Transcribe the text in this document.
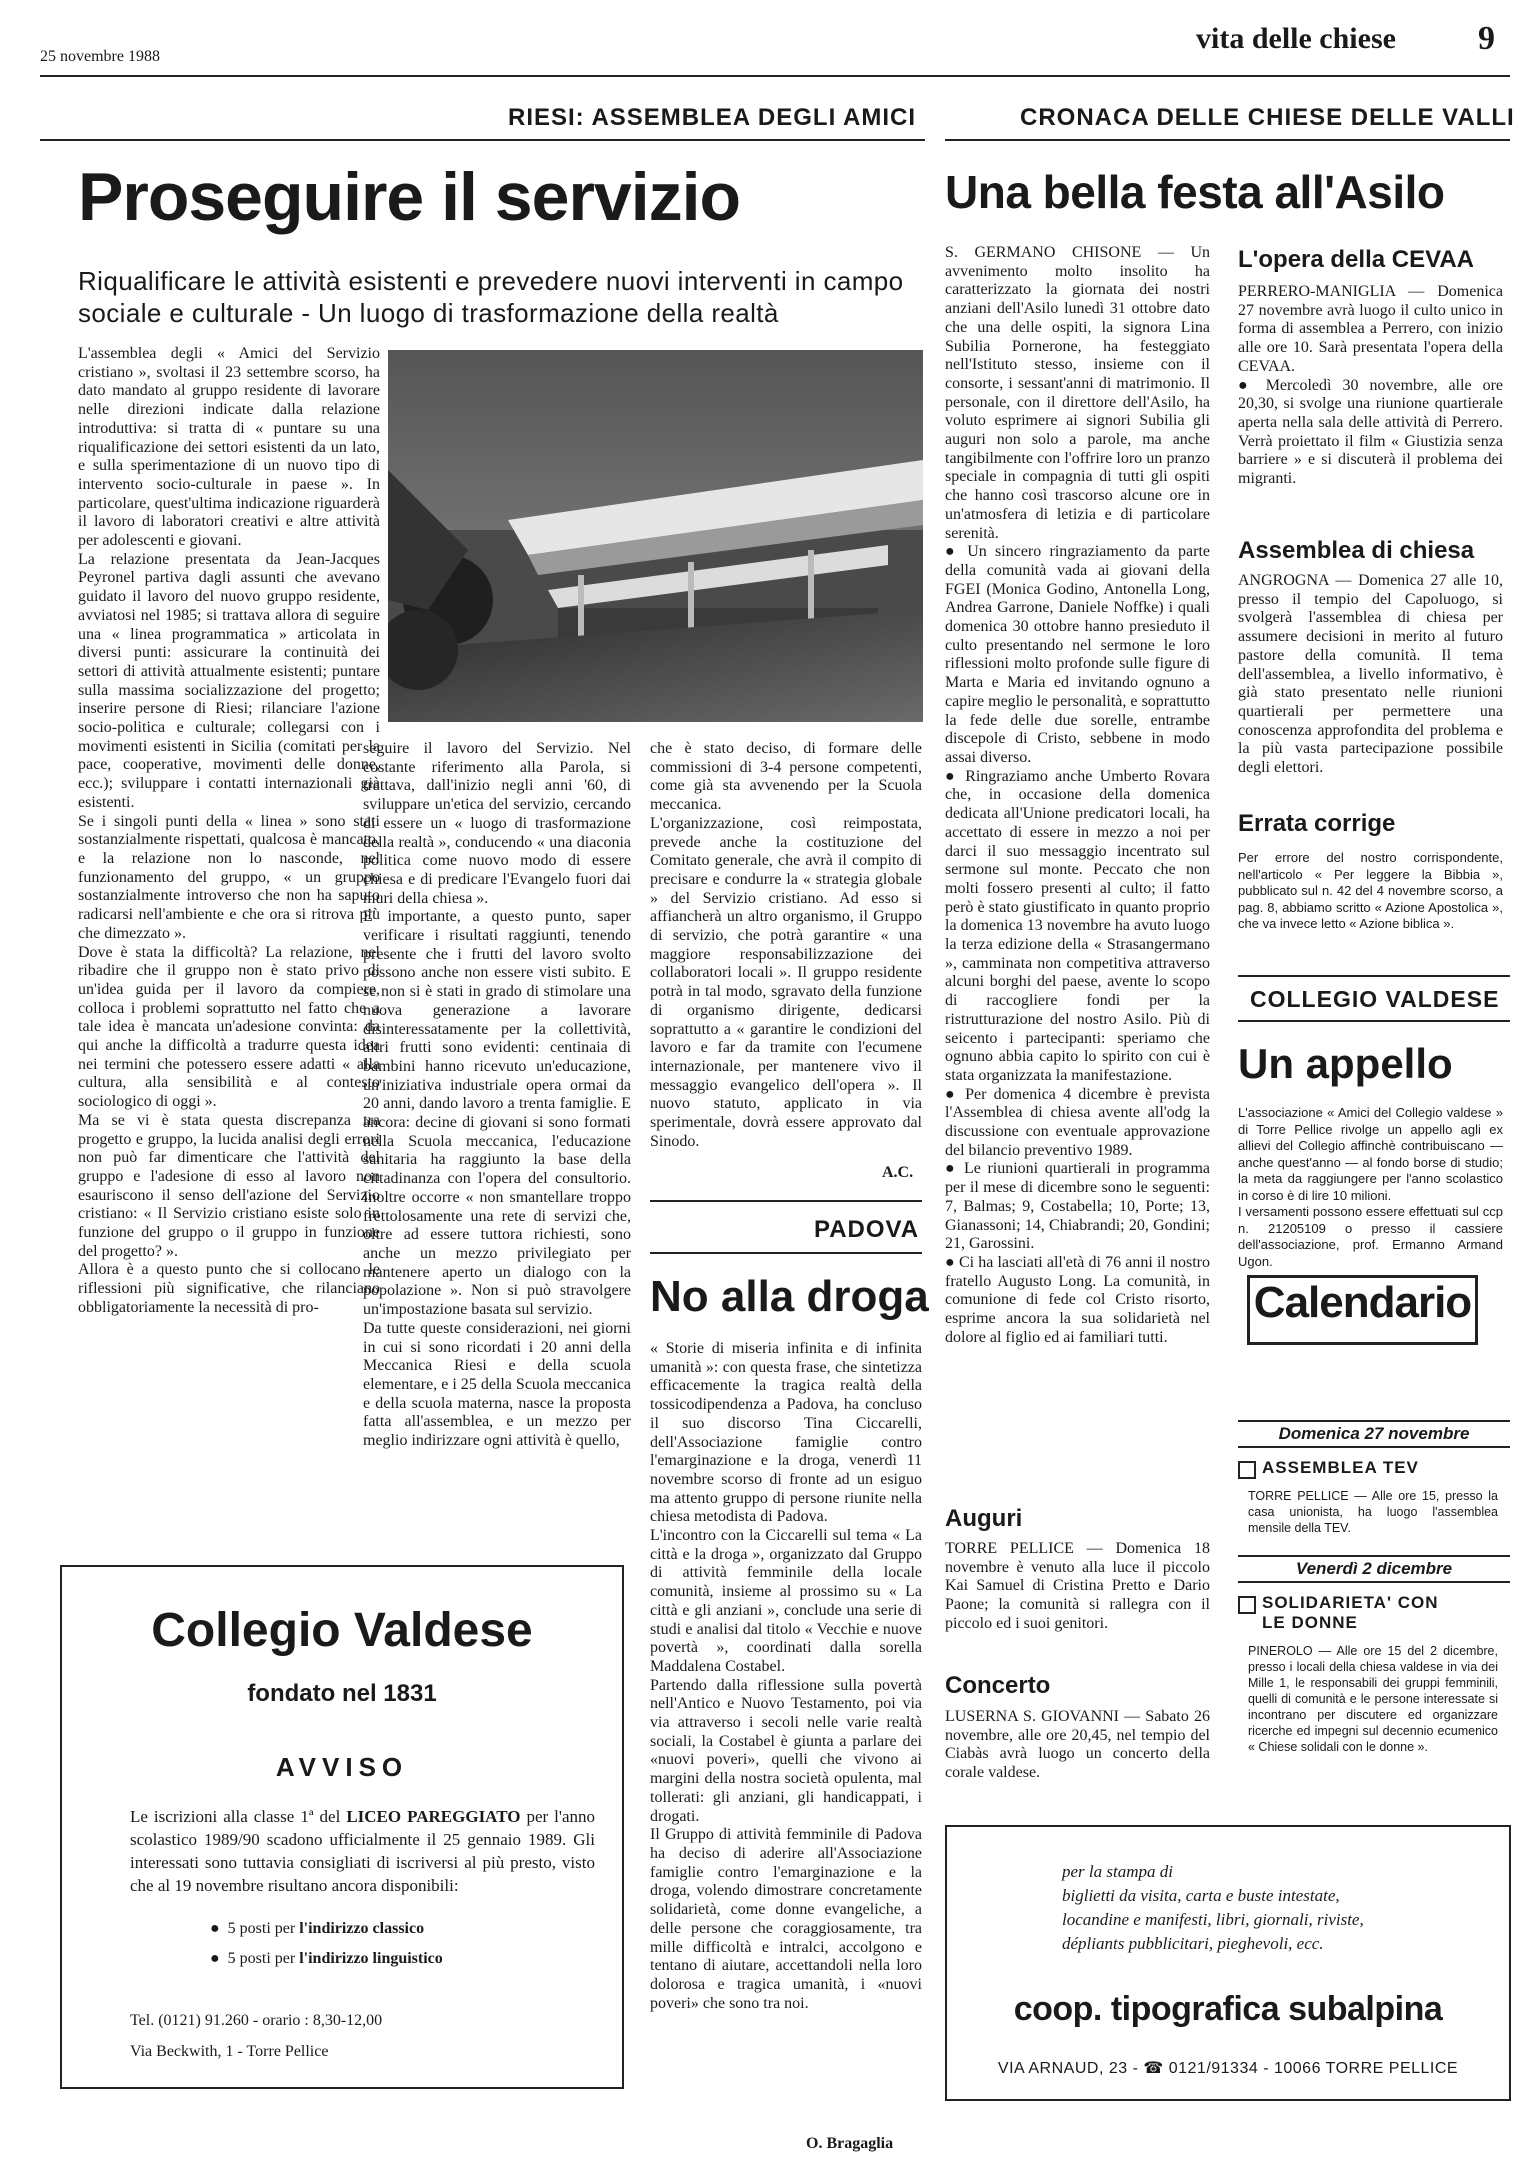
25 novembre 1988
vita delle chiese 9
RIESI: ASSEMBLEA DEGLI AMICI
Proseguire il servizio
Riqualificare le attività esistenti e prevedere nuovi interventi in campo sociale e culturale - Un luogo di trasformazione della realtà
L'assemblea degli « Amici del Servizio cristiano », svoltasi il 23 settembre scorso, ha dato mandato al gruppo residente di lavorare nelle direzioni indicate dalla relazione introduttiva: si tratta di « puntare su una riqualificazione dei settori esistenti da un lato, e sulla sperimentazione di un nuovo tipo di intervento socio-culturale in paese ». In particolare, quest'ultima indicazione riguarderà il lavoro di laboratori creativi e altre attività per adolescenti e giovani.
La relazione presentata da Jean-Jacques Peyronel partiva dagli assunti che avevano guidato il lavoro del nuovo gruppo residente, avviatosi nel 1985; si trattava allora di seguire una « linea programmatica » articolata in diversi punti: assicurare la continuità dei settori di attività attualmente esistenti; puntare sulla massima socializzazione del progetto; inserire persone di Riesi; rilanciare l'azione socio-politica e culturale; collegarsi con i movimenti esistenti in Sicilia (comitati per la pace, cooperative, movimenti delle donne, ecc.); sviluppare i contatti internazionali già esistenti.
Se i singoli punti della « linea » sono stati sostanzialmente rispettati, qualcosa è mancato, e la relazione non lo nasconde, nel funzionamento del gruppo, « un gruppo sostanzialmente introverso che non ha saputo radicarsi nell'ambiente e che ora si ritrova più che dimezzato ».
Dove è stata la difficoltà? La relazione, nel ribadire che il gruppo non è stato privo di un'idea guida per il lavoro da compiere, colloca i problemi soprattutto nel fatto che a tale idea è mancata un'adesione convinta: da qui anche la difficoltà a tradurre questa idea nei termini che potessero essere adatti « alla cultura, alla sensibilità e al contesto sociologico di oggi ».
Ma se vi è stata questa discrepanza tra progetto e gruppo, la lucida analisi degli errori non può far dimenticare che l'attività del gruppo e l'adesione di esso al lavoro non esauriscono il senso dell'azione del Servizio cristiano: « Il Servizio cristiano esiste solo in funzione del gruppo o il gruppo in funzione del progetto? ».
Allora è a questo punto che si collocano le riflessioni più significative, che rilanciano obbligatoriamente la necessità di pro-
seguire il lavoro del Servizio. Nel costante riferimento alla Parola, si trattava, dall'inizio negli anni '60, di sviluppare un'etica del servizio, cercando di essere un « luogo di trasformazione della realtà », conducendo « una diaconia politica come nuovo modo di essere chiesa e di predicare l'Evangelo fuori dai muri della chiesa ».
E' importante, a questo punto, saper verificare i risultati raggiunti, tenendo presente che i frutti del lavoro svolto possono anche non essere visti subito. E se non si è stati in grado di stimolare una nuova generazione a lavorare disinteressatamente per la collettività, altri frutti sono evidenti: centinaia di bambini hanno ricevuto un'educazione, un'iniziativa industriale opera ormai da 20 anni, dando lavoro a trenta famiglie. E ancora: decine di giovani si sono formati nella Scuola meccanica, l'educazione sanitaria ha raggiunto la base della cittadinanza con l'opera del consultorio. Inoltre occorre « non smantellare troppo frettolosamente una rete di servizi che, oltre ad essere tuttora richiesti, sono anche un mezzo privilegiato per mantenere aperto un dialogo con la popolazione ». Non si può stravolgere un'impostazione basata sul servizio.
Da tutte queste considerazioni, nei giorni in cui si sono ricordati i 20 anni della Meccanica Riesi e della scuola elementare, e i 25 della Scuola meccanica e della scuola materna, nasce la proposta fatta all'assemblea, e un mezzo per meglio indirizzare ogni attività è quello,
che è stato deciso, di formare delle commissioni di 3-4 persone competenti, come già sta avvenendo per la Scuola meccanica.
L'organizzazione, così reimpostata, prevede anche la costituzione del Comitato generale, che avrà il compito di precisare e condurre la « strategia globale » del Servizio cristiano. Ad esso si affiancherà un altro organismo, il Gruppo di servizio, che potrà garantire « una maggiore responsabilizzazione dei collaboratori locali ». Il gruppo residente potrà in tal modo, sgravato della funzione di organismo dirigente, dedicarsi soprattutto a « garantire le condizioni del lavoro e far da tramite con l'ecumene internazionale, per mantenere vivo il messaggio evangelico dell'opera ». Il nuovo statuto, applicato in via sperimentale, dovrà essere approvato dal Sinodo.
A.C.
PADOVA
No alla droga
« Storie di miseria infinita e di infinita umanità »: con questa frase, che sintetizza efficacemente la tragica realtà della tossicodipendenza a Padova, ha concluso il suo discorso Tina Ciccarelli, dell'Associazione famiglie contro l'emarginazione e la droga, venerdì 11 novembre scorso di fronte ad un esiguo ma attento gruppo di persone riunite nella chiesa metodista di Padova.
L'incontro con la Ciccarelli sul tema « La città e la droga », organizzato dal Gruppo di attività femminile della locale comunità, insieme al prossimo su « La città e gli anziani », conclude una serie di studi e analisi dal titolo « Vecchie e nuove povertà », coordinati dalla sorella Maddalena Costabel.
Partendo dalla riflessione sulla povertà nell'Antico e Nuovo Testamento, poi via via attraverso i secoli nelle varie realtà sociali, la Costabel è giunta a parlare dei «nuovi poveri», quelli che vivono ai margini della nostra società opulenta, mal tollerati: gli anziani, gli handicappati, i drogati.
Il Gruppo di attività femminile di Padova ha deciso di aderire all'Associazione famiglie contro l'emarginazione e la droga, volendo dimostrare concretamente solidarietà, come donne evangeliche, a delle persone che coraggiosamente, tra mille difficoltà e intralci, accolgono e tentano di aiutare, accettandoli nella loro dolorosa e tragica umanità, i «nuovi poveri» che sono tra noi.
O. Bragaglia
Collegio Valdese
fondato nel 1831
AVVISO
Le iscrizioni alla classe 1ª del LICEO PAREGGIATO per l'anno scolastico 1989/90 scadono ufficialmente il 25 gennaio 1989. Gli interessati sono tuttavia consigliati di iscriversi al più presto, visto che al 19 novembre risultano ancora disponibili:
●  5 posti per l'indirizzo classico
●  5 posti per l'indirizzo linguistico
Tel. (0121) 91.260 - orario : 8,30-12,00
Via Beckwith, 1 - Torre Pellice
CRONACA DELLE CHIESE DELLE VALLI
Una bella festa all'Asilo
S. GERMANO CHISONE — Un avvenimento molto insolito ha caratterizzato la giornata dei nostri anziani dell'Asilo lunedì 31 ottobre dato che una delle ospiti, la signora Lina Subilia Pornerone, ha festeggiato nell'Istituto stesso, insieme con il consorte, i sessant'anni di matrimonio. Il personale, con il direttore dell'Asilo, ha voluto esprimere ai signori Subilia gli auguri non solo a parole, ma anche tangibilmente con l'offrire loro un pranzo speciale in compagnia di tutti gli ospiti che hanno così trascorso alcune ore in un'atmosfera di letizia e di particolare serenità.
● Un sincero ringraziamento da parte della comunità vada ai giovani della FGEI (Monica Godino, Antonella Long, Andrea Garrone, Daniele Noffke) i quali domenica 30 ottobre hanno presieduto il culto presentando nel sermone le loro riflessioni molto profonde sulle figure di Marta e Maria ed invitando ognuno a capire meglio le personalità, e soprattutto la fede delle due sorelle, entrambe discepole di Cristo, sebbene in modo assai diverso.
● Ringraziamo anche Umberto Rovara che, in occasione della domenica dedicata all'Unione predicatori locali, ha accettato di essere in mezzo a noi per darci il suo messaggio incentrato sul sermone sul monte. Peccato che non molti fossero presenti al culto; il fatto però è stato giustificato in quanto proprio la domenica 13 novembre ha avuto luogo la terza edizione della « Strasangermano », camminata non competitiva attraverso alcuni borghi del paese, avente lo scopo di raccogliere fondi per la ristrutturazione del nostro Asilo. Più di seicento i partecipanti: speriamo che ognuno abbia capito lo spirito con cui è stata organizzata la manifestazione.
● Per domenica 4 dicembre è prevista l'Assemblea di chiesa avente all'odg la discussione con eventuale approvazione del bilancio preventivo 1989.
● Le riunioni quartierali in programma per il mese di dicembre sono le seguenti: 7, Balmas; 9, Costabella; 10, Porte; 13, Gianassoni; 14, Chiabrandi; 20, Gondini; 21, Garossini.
● Ci ha lasciati all'età di 76 anni il nostro fratello Augusto Long. La comunità, in comunione di fede col Cristo risorto, esprime ancora la sua solidarietà nel dolore al figlio ed ai familiari tutti.
Auguri
TORRE PELLICE — Domenica 18 novembre è venuto alla luce il piccolo Kai Samuel di Cristina Pretto e Dario Paone; la comunità si rallegra con il piccolo ed i suoi genitori.
Concerto
LUSERNA S. GIOVANNI — Sabato 26 novembre, alle ore 20,45, nel tempio del Ciabàs avrà luogo un concerto della corale valdese.
L'opera della CEVAA
PERRERO-MANIGLIA — Domenica 27 novembre avrà luogo il culto unico in forma di assemblea a Perrero, con inizio alle ore 10. Sarà presentata l'opera della CEVAA.
● Mercoledì 30 novembre, alle ore 20,30, si svolge una riunione quartierale aperta nella sala delle attività di Perrero. Verrà proiettato il film « Giustizia senza barriere » e si discuterà il problema dei migranti.
Assemblea di chiesa
ANGROGNA — Domenica 27 alle 10, presso il tempio del Capoluogo, si svolgerà l'assemblea di chiesa per assumere decisioni in merito al futuro pastore della comunità. Il tema dell'assemblea, a livello informativo, è già stato presentato nelle riunioni quartierali per permettere una conoscenza approfondita del problema e la più vasta partecipazione possibile degli elettori.
Errata corrige
Per errore del nostro corrispondente, nell'articolo « Per leggere la Bibbia », pubblicato sul n. 42 del 4 novembre scorso, a pag. 8, abbiamo scritto « Azione Apostolica », che va invece letto « Azione biblica ».
COLLEGIO VALDESE
Un appello
L'associazione « Amici del Collegio valdese » di Torre Pellice rivolge un appello agli ex allievi del Collegio affinchè contribuiscano — anche quest'anno — al fondo borse di studio; la meta da raggiungere per l'anno scolastico in corso è di lire 10 milioni.
I versamenti possono essere effettuati sul ccp n. 21205109 o presso il cassiere dell'associazione, prof. Ermanno Armand Ugon.
Calendario
Domenica 27 novembre
ASSEMBLEA TEV
TORRE PELLICE — Alle ore 15, presso la casa unionista, ha luogo l'assemblea mensile della TEV.
Venerdì 2 dicembre
SOLIDARIETA' CON LE DONNE
PINEROLO — Alle ore 15 del 2 dicembre, presso i locali della chiesa valdese in via dei Mille 1, le responsabili dei gruppi femminili, quelli di comunità e le persone interessate si incontrano per discutere ed organizzare ricerche ed impegni sul decennio ecumenico « Chiese solidali con le donne ».
per la stampa di
biglietti da visita, carta e buste intestate,
locandine e manifesti, libri, giornali, riviste,
dépliants pubblicitari, pieghevoli, ecc.
coop. tipografica subalpina
VIA ARNAUD, 23 - ☎ 0121/91334 - 10066 TORRE PELLICE
